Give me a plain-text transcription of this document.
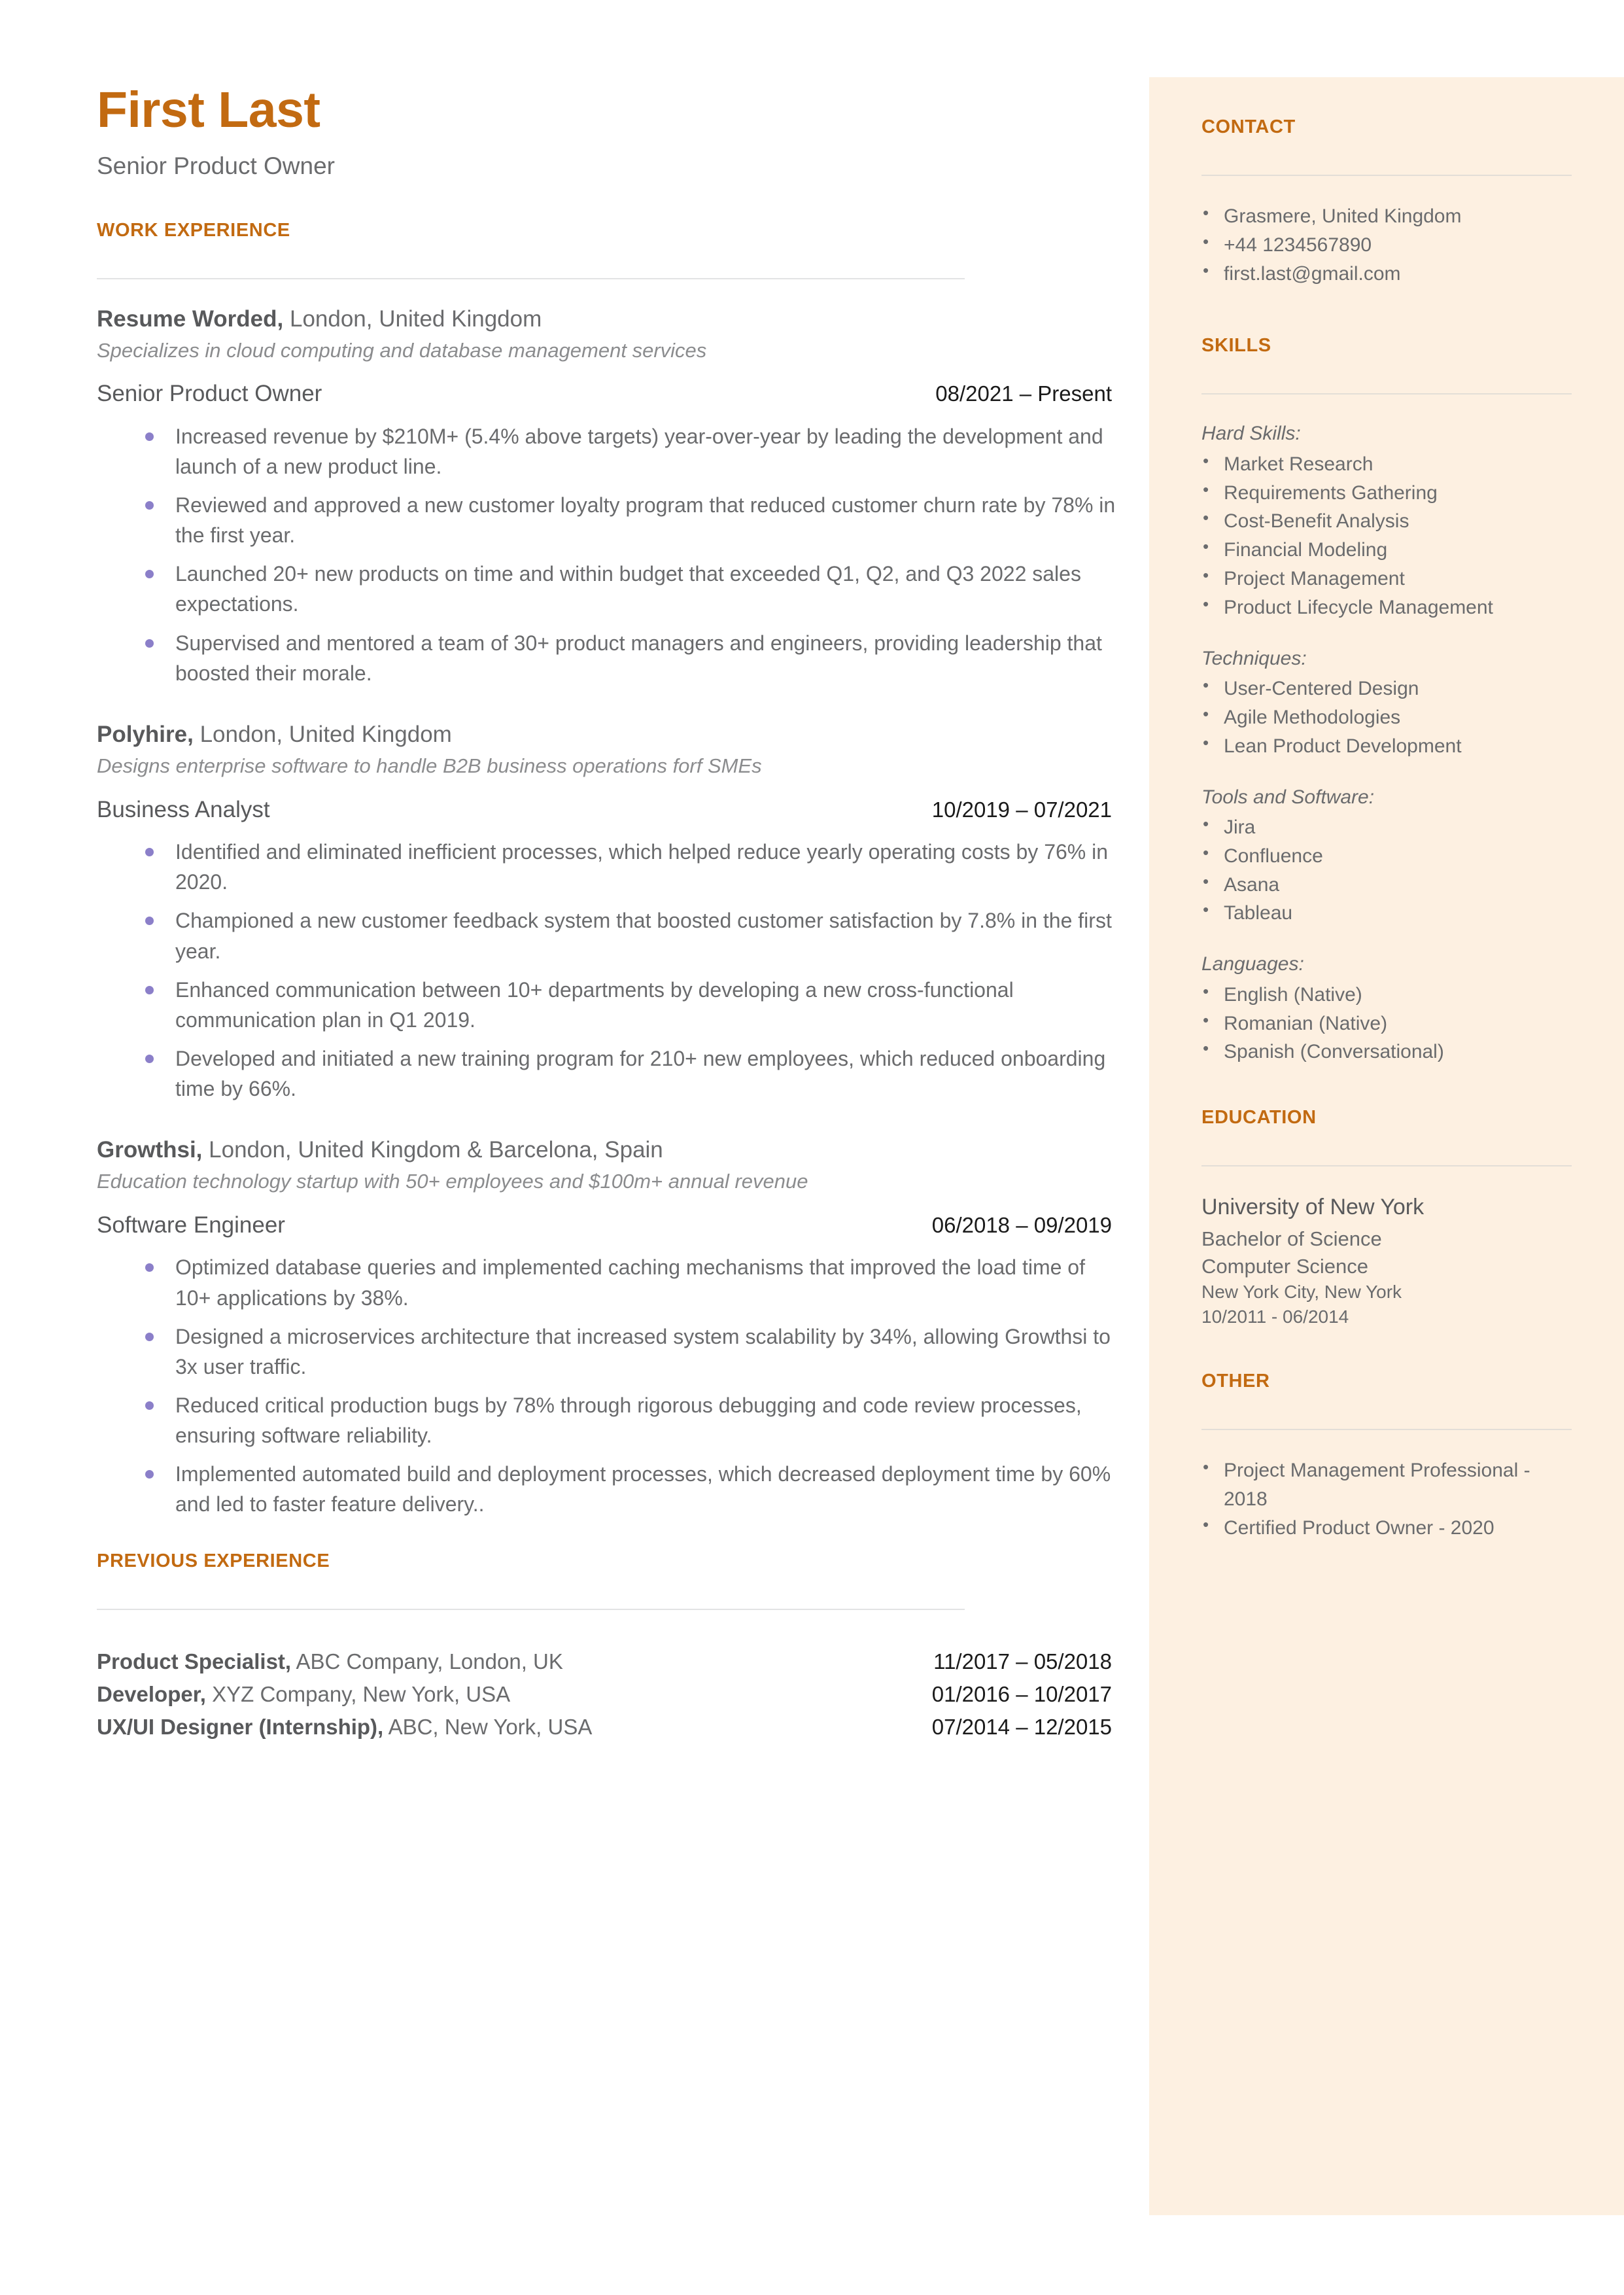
First Last
Senior Product Owner
WORK EXPERIENCE
Resume Worded, London, United Kingdom
Specializes in cloud computing and database management services
Senior Product Owner	08/2021 – Present
Increased revenue by $210M+ (5.4% above targets) year-over-year by leading the development and launch of a new product line.
Reviewed and approved a new customer loyalty program that reduced customer churn rate by 78% in the first year.
Launched 20+ new products on time and within budget that exceeded Q1, Q2, and Q3 2022 sales expectations.
Supervised and mentored a team of 30+ product managers and engineers, providing leadership that boosted their morale.
Polyhire, London, United Kingdom
Designs enterprise software to handle B2B business operations forf SMEs
Business Analyst	10/2019 – 07/2021
Identified and eliminated inefficient processes, which helped reduce yearly operating costs by 76% in 2020.
Championed a new customer feedback system that boosted customer satisfaction by 7.8% in the first year.
Enhanced communication between 10+ departments by developing a new cross-functional communication plan in Q1 2019.
Developed and initiated a new training program for 210+ new employees, which reduced onboarding time by 66%.
Growthsi, London, United Kingdom & Barcelona, Spain
Education technology startup with 50+ employees and $100m+ annual revenue
Software Engineer	06/2018 – 09/2019
Optimized database queries and implemented caching mechanisms that improved the load time of 10+ applications by 38%.
Designed a microservices architecture that increased system scalability by 34%, allowing Growthsi to 3x user traffic.
Reduced critical production bugs by 78% through rigorous debugging and code review processes, ensuring software reliability.
Implemented automated build and deployment processes, which decreased deployment time by 60% and led to faster feature delivery..
PREVIOUS EXPERIENCE
Product Specialist, ABC Company, London, UK	11/2017 – 05/2018
Developer, XYZ Company, New York, USA	01/2016 – 10/2017
UX/UI Designer (Internship), ABC, New York, USA	07/2014 – 12/2015
CONTACT
• Grasmere, United Kingdom
• +44 1234567890
• first.last@gmail.com
SKILLS
Hard Skills:
• Market Research
• Requirements Gathering
• Cost-Benefit Analysis
• Financial Modeling
• Project Management
• Product Lifecycle Management
Techniques:
• User-Centered Design
• Agile Methodologies
• Lean Product Development
Tools and Software:
• Jira
• Confluence
• Asana
• Tableau
Languages:
• English (Native)
• Romanian (Native)
• Spanish (Conversational)
EDUCATION
University of New York
Bachelor of Science
Computer Science
New York City, New York
10/2011 - 06/2014
OTHER
• Project Management Professional - 2018
• Certified Product Owner - 2020
